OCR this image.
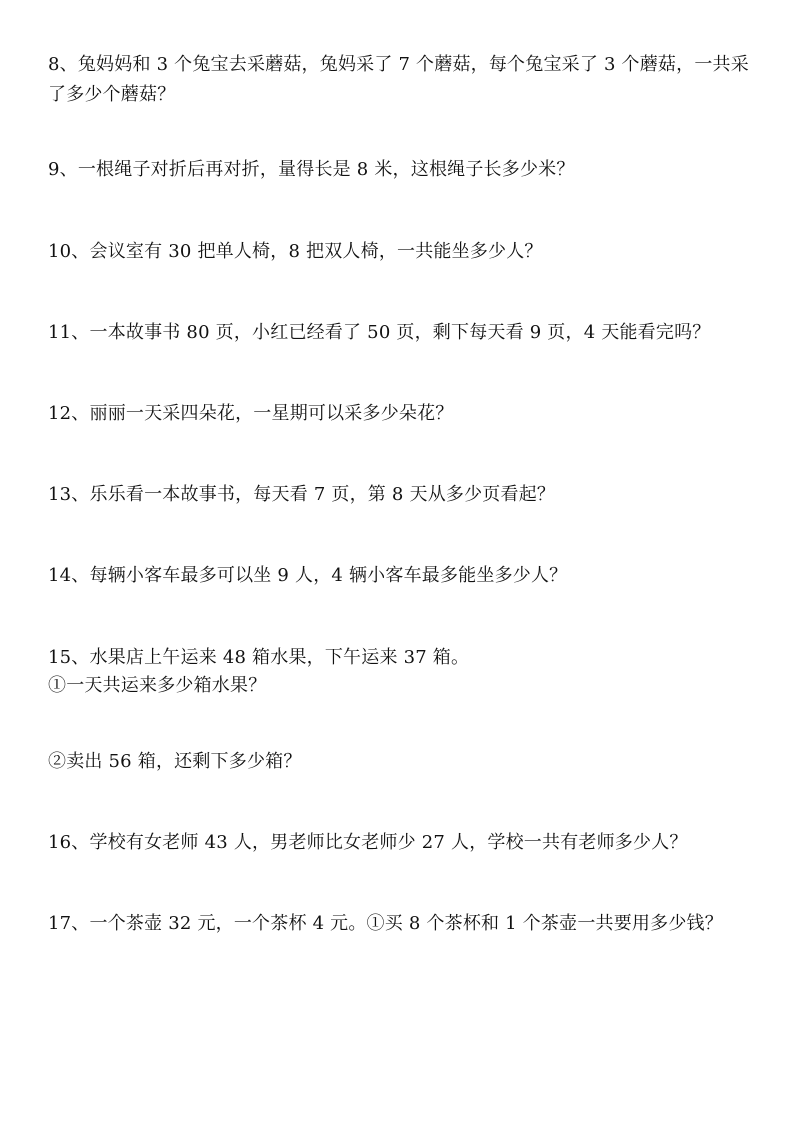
8、兔妈妈和 3 个兔宝去采蘑菇，兔妈采了 7 个蘑菇，每个兔宝采了 3 个蘑菇，一共采
了多少个蘑菇？
9、一根绳子对折后再对折，量得长是 8 米，这根绳子长多少米？
10、会议室有 30 把单人椅，8 把双人椅，一共能坐多少人？
11、一本故事书 80 页，小红已经看了 50 页，剩下每天看 9 页，4 天能看完吗？
12、丽丽一天采四朵花，一星期可以采多少朵花？
13、乐乐看一本故事书，每天看 7 页，第 8 天从多少页看起？
14、每辆小客车最多可以坐 9 人，4 辆小客车最多能坐多少人？
15、水果店上午运来 48 箱水果，下午运来 37 箱。
①一天共运来多少箱水果？
②卖出 56 箱，还剩下多少箱？
16、学校有女老师 43 人，男老师比女老师少 27 人，学校一共有老师多少人？
17、一个茶壶 32 元，一个茶杯 4 元。①买 8 个茶杯和 1 个茶壶一共要用多少钱？
